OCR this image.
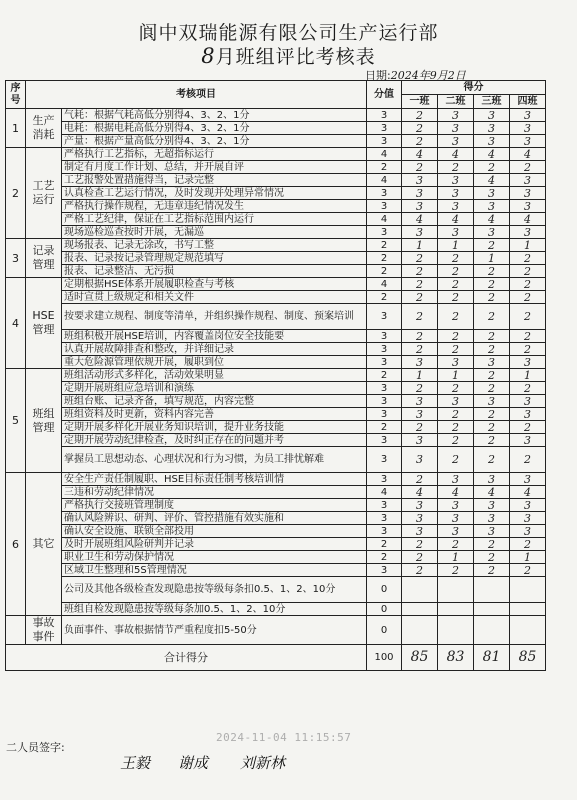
阆中双瑞能源有限公司生产运行部
8月班组评比考核表
日期:2024年9月2日
序号	考核项目		分值	得分			
				一班	二班	三班	四班
1	生产消耗	气耗：根据气耗高低分别得4、3、2、1分	3	2	3	3	3
		电耗：根据电耗高低分别得4、3、2、1分	3	2	3	3	3
		产量：根据产量高低分别得4、3、2、1分	3	2	3	3	3
2	工艺运行	严格执行工艺指标，无超指标运行	4	4	4	4	4
		制定有月度工作计划、总结，并开展自评	2	2	2	2	2
		工艺报警处置措施得当，记录完整	4	3	3	4	3
		认真检查工艺运行情况，及时发现并处理异常情况	3	3	3	3	3
		严格执行操作规程，无违章违纪情况发生	3	3	3	3	3
		严格工艺纪律，保证在工艺指标范围内运行	4	4	4	4	4
		现场巡检巡查按时开展，无漏巡	3	3	3	3	3
3	记录管理	现场报表、记录无涂改，书写工整	2	1	1	2	1
		报表、记录按记录管理规定规范填写	2	2	2	1	2
		报表、记录整洁、无污损	2	2	2	2	2
4	HSE管理	定期根据HSE体系开展履职检查与考核	4	2	2	2	2
		适时宣贯上级规定和相关文件	2	2	2	2	2
		按要求建立规程、制度等清单，并组织操作规程、制度、预案培训	3	2	2	2	2
		班组积极开展HSE培训，内容覆盖岗位安全技能要	3	2	2	2	2
		认真开展故障排查和整改，并详细记录	3	2	2	2	2
		重大危险源管理依规开展，履职到位	3	3	3	3	3
5	班组管理	班组活动形式多样化，活动效果明显	2	1	1	2	1
		定期开展班组应急培训和演练	3	2	2	2	2
		班组台账、记录齐备，填写规范，内容完整	3	3	3	3	3
		班组资料及时更新，资料内容完善	3	3	2	2	3
		定期开展多样化开展业务知识培训，提升业务技能	2	2	2	2	2
		定期开展劳动纪律检查，及时纠正存在的问题并考	3	3	2	2	3
		掌握员工思想动态、心理状况和行为习惯，为员工排忧解难	3	3	2	2	2
6	其它	安全生产责任制履职、HSE目标责任制考核培训情	3	2	3	3	3
		三违和劳动纪律情况	4	4	4	4	4
		严格执行交接班管理制度	3	3	3	3	3
		确认风险辨识、研判、评价、管控措施有效实施和	3	3	3	3	3
		确认安全设施、联锁全部投用	3	3	3	3	3
		及时开展班组风险研判并记录	2	2	2	2	2
		职业卫生和劳动保护情况	2	2	1	2	1
		区域卫生整理和5S管理情况	3	2	2	2	2
		公司及其他各级检查发现隐患按等级每条扣0.5、1、2、10分	0				
		班组自检发现隐患按等级每条加0.5、1、2、10分	0				
	事故事件	负面事件、事故根据情节严重程度扣5-50分	0				
合计得分			100	85	83	81	85
2024-11-04 11:15:57
二人员签字:
王毅 谢成 刘新林
